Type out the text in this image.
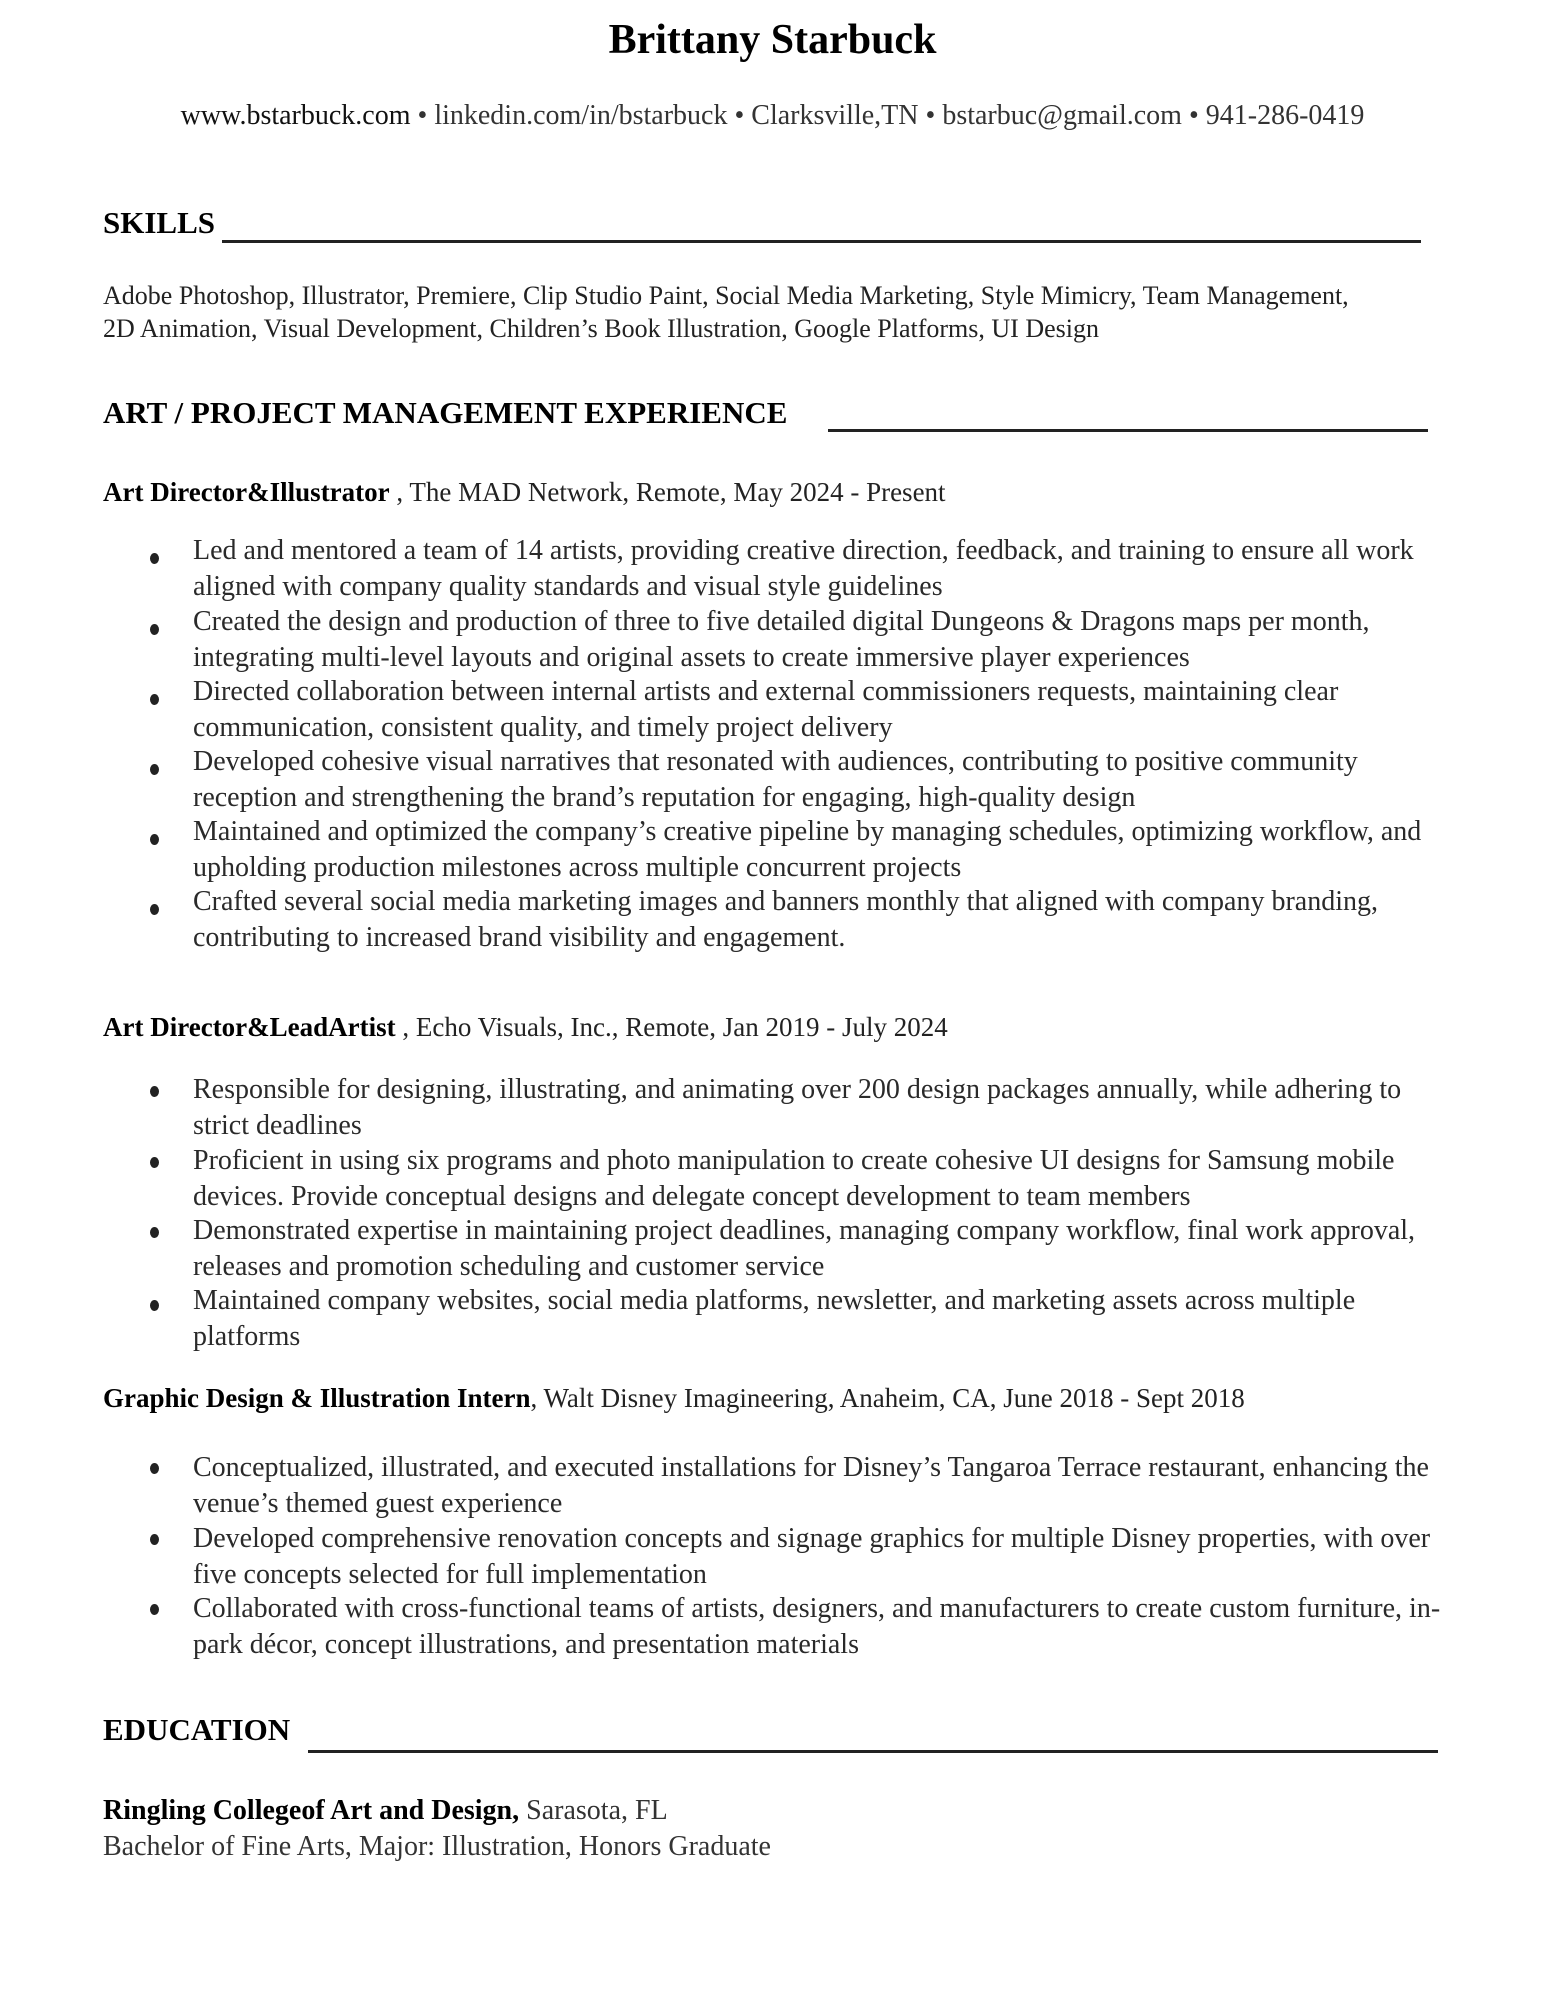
Brittany Starbuck
www.bstarbuck.com • linkedin.com/in/bstarbuck • Clarksville,TN • bstarbuc@gmail.com • 941-286-0419
SKILLS
Adobe Photoshop, Illustrator, Premiere, Clip Studio Paint, Social Media Marketing, Style Mimicry, Team Management,
2D Animation, Visual Development, Children’s Book Illustration, Google Platforms, UI Design
ART / PROJECT MANAGEMENT EXPERIENCE
Art Director&Illustrator , The MAD Network, Remote, May 2024 - Present
Led and mentored a team of 14 artists, providing creative direction, feedback, and training to ensure all work aligned with company quality standards and visual style guidelines
Created the design and production of three to five detailed digital Dungeons & Dragons maps per month, integrating multi-level layouts and original assets to create immersive player experiences
Directed collaboration between internal artists and external commissioners requests, maintaining clear communication, consistent quality, and timely project delivery
Developed cohesive visual narratives that resonated with audiences, contributing to positive community reception and strengthening the brand’s reputation for engaging, high-quality design
Maintained and optimized the company’s creative pipeline by managing schedules, optimizing workflow, and upholding production milestones across multiple concurrent projects
Crafted several social media marketing images and banners monthly that aligned with company branding, contributing to increased brand visibility and engagement.
Art Director&LeadArtist , Echo Visuals, Inc., Remote, Jan 2019 - July 2024
Responsible for designing, illustrating, and animating over 200 design packages annually, while adhering to strict deadlines
Proficient in using six programs and photo manipulation to create cohesive UI designs for Samsung mobile devices. Provide conceptual designs and delegate concept development to team members
Demonstrated expertise in maintaining project deadlines, managing company workflow, final work approval, releases and promotion scheduling and customer service
Maintained company websites, social media platforms, newsletter, and marketing assets across multiple platforms
Graphic Design & Illustration Intern, Walt Disney Imagineering, Anaheim, CA, June 2018 - Sept 2018
Conceptualized, illustrated, and executed installations for Disney’s Tangaroa Terrace restaurant, enhancing the venue’s themed guest experience
Developed comprehensive renovation concepts and signage graphics for multiple Disney properties, with over five concepts selected for full implementation
Collaborated with cross-functional teams of artists, designers, and manufacturers to create custom furniture, in-park décor, concept illustrations, and presentation materials
EDUCATION
Ringling Collegeof Art and Design, Sarasota, FL
Bachelor of Fine Arts, Major: Illustration, Honors Graduate
